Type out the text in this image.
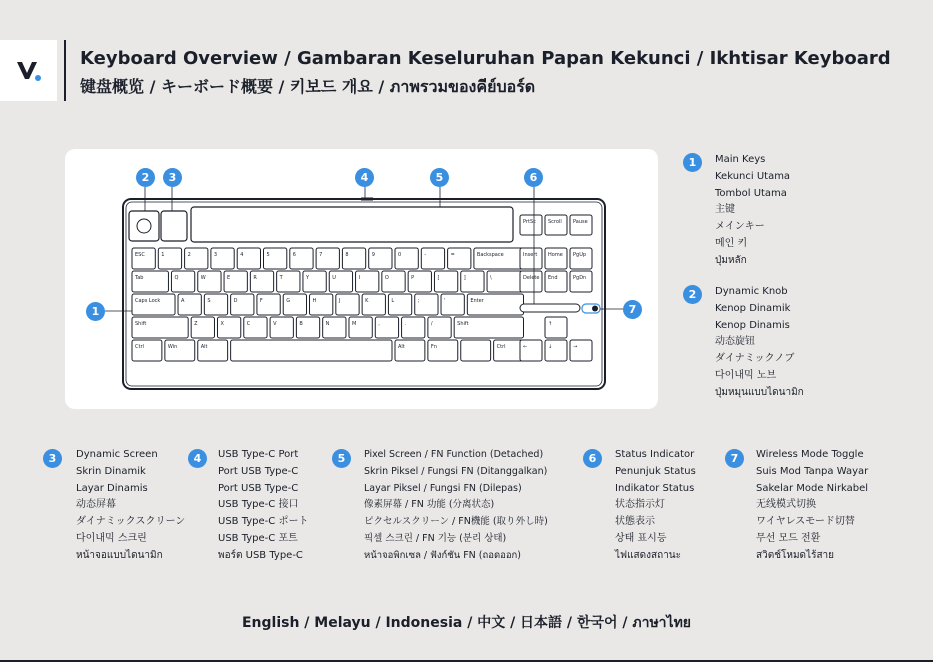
Keyboard Overview / Gambaran Keseluruhan Papan Kekunci / Ikhtisar Keyboard
键盘概览 / キーボード概要 / 키보드 개요 / ภาพรวมของคีย์บอร์ด
ESC	1	2	3	4	5	6	7	8	9	0	-	=	Backspace
Tab	Q	W	E	R	T	Y	U	I	O	P	[	]	\
Caps Lock	A	S	D	F	G	H	J	K	L	;	'	Enter
Shift	Z	X	C	V	B	N	M	,	.	/	Shift
Ctrl	Win	Alt	Alt	Fn	Ctrl
PrtSc Scroll Pause
Insert Home PgUp
Delete End	PgDn
↑
←	↓	→
2	3	4	5	6
1	7
1	Main Keys
Kekunci Utama
Tombol Utama
主键
メインキー
메인 키
ปุ่มหลัก
2	Dynamic Knob
Kenop Dinamik
Kenop Dinamis
动态旋钮
ダイナミックノブ
다이내믹 노브
ปุ่มหมุนแบบไดนามิก
3	Dynamic Screen
Skrin Dinamik
Layar Dinamis
动态屏幕
ダイナミックスクリーン
다이내믹 스크린
หน้าจอแบบไดนามิก
4	USB Type-C Port
Port USB Type-C
Port USB Type-C
USB Type-C 接口
USB Type-C ポート
USB Type-C 포트
พอร์ต USB Type-C
5	Pixel Screen / FN Function (Detached)
Skrin Piksel / Fungsi FN (Ditanggalkan)
Layar Piksel / Fungsi FN (Dilepas)
像素屏幕 / FN 功能 (分离状态)
ピクセルスクリーン / FN機能 (取り外し時)
픽셀 스크린 / FN 기능 (분리 상태)
หน้าจอพิกเซล / ฟังก์ชัน FN (ถอดออก)
6	Status Indicator
Penunjuk Status
Indikator Status
状态指示灯
状態表示
상태 표시등
ไฟแสดงสถานะ
7	Wireless Mode Toggle
Suis Mod Tanpa Wayar
Sakelar Mode Nirkabel
无线模式切换
ワイヤレスモード切替
무선 모드 전환
สวิตช์โหมดไร้สาย
English / Melayu / Indonesia / 中文 / 日本語 / 한국어 / ภาษาไทย
